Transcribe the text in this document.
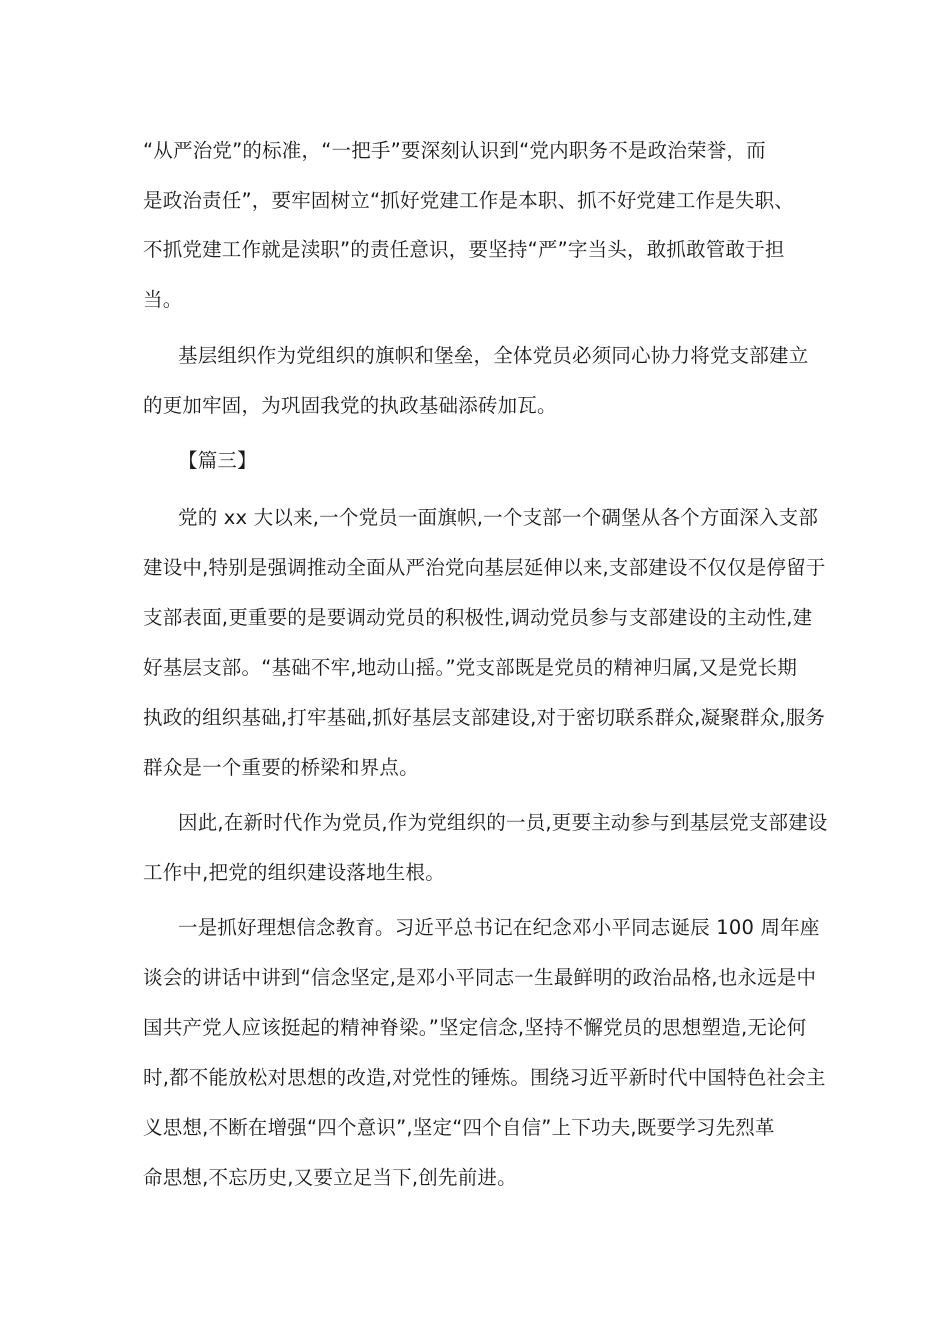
“从严治党”的标准，“一把手”要深刻认识到“党内职务不是政治荣誉，而
是政治责任”，要牢固树立“抓好党建工作是本职、抓不好党建工作是失职、
不抓党建工作就是渎职”的责任意识，要坚持“严”字当头，敢抓敢管敢于担
当。
基层组织作为党组织的旗帜和堡垒，全体党员必须同心协力将党支部建立
的更加牢固，为巩固我党的执政基础添砖加瓦。
【篇三】
党的 xx 大以来,一个党员一面旗帜,一个支部一个碉堡从各个方面深入支部
建设中,特别是强调推动全面从严治党向基层延伸以来,支部建设不仅仅是停留于
支部表面,更重要的是要调动党员的积极性,调动党员参与支部建设的主动性,建
好基层支部。“基础不牢,地动山摇。”党支部既是党员的精神归属,又是党长期
执政的组织基础,打牢基础,抓好基层支部建设,对于密切联系群众,凝聚群众,服务
群众是一个重要的桥梁和界点。
因此,在新时代作为党员,作为党组织的一员,更要主动参与到基层党支部建设
工作中,把党的组织建设落地生根。
一是抓好理想信念教育。习近平总书记在纪念邓小平同志诞辰 100 周年座
谈会的讲话中讲到“信念坚定,是邓小平同志一生最鲜明的政治品格,也永远是中
国共产党人应该挺起的精神脊梁。”坚定信念,坚持不懈党员的思想塑造,无论何
时,都不能放松对思想的改造,对党性的锤炼。围绕习近平新时代中国特色社会主
义思想,不断在增强“四个意识”,坚定“四个自信”上下功夫,既要学习先烈革
命思想,不忘历史,又要立足当下,创先前进。
